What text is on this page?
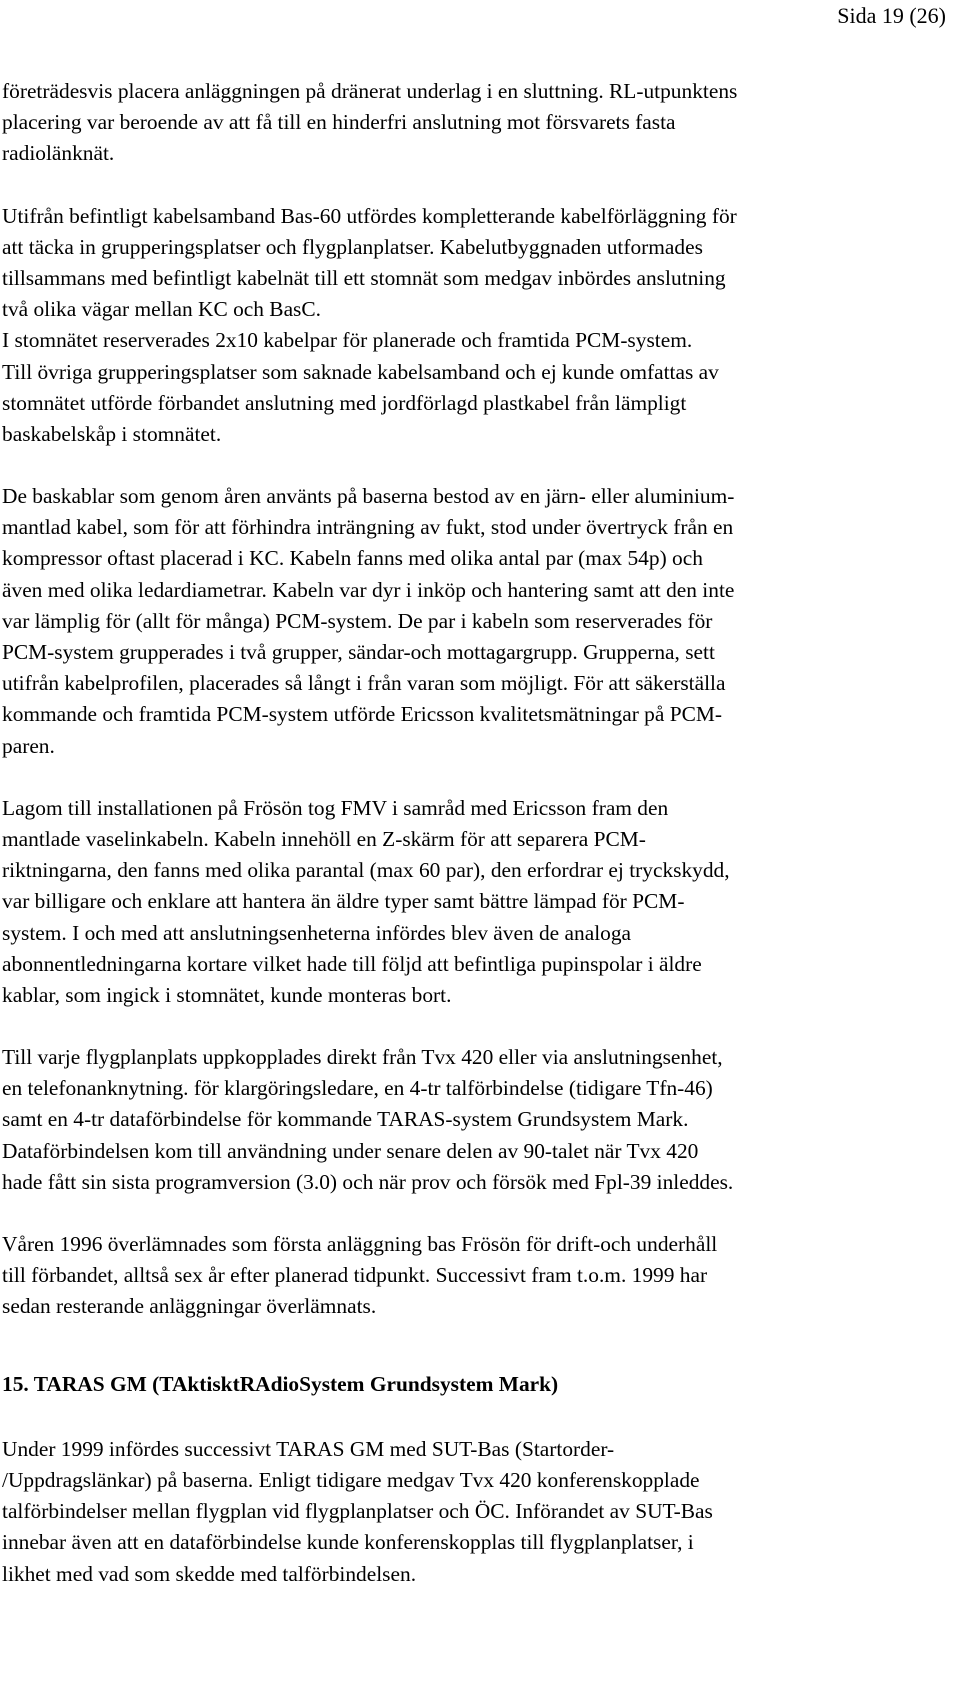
Sida 19 (26)
företrädesvis placera anläggningen på dränerat underlag i en sluttning. RL-utpunktens
placering var beroende av att få till en hinderfri anslutning mot försvarets fasta
radiolänknät.
Utifrån befintligt kabelsamband Bas-60 utfördes kompletterande kabelförläggning för
att täcka in grupperingsplatser och flygplanplatser. Kabelutbyggnaden utformades
tillsammans med befintligt kabelnät till ett stomnät som medgav inbördes anslutning
två olika vägar mellan KC och BasC.
I stomnätet reserverades 2x10 kabelpar för planerade och framtida PCM-system.
Till övriga grupperingsplatser som saknade kabelsamband och ej kunde omfattas av
stomnätet utförde förbandet anslutning med jordförlagd plastkabel från lämpligt
baskabelskåp i stomnätet.
De baskablar som genom åren använts på baserna bestod av en järn- eller aluminium-
mantlad kabel, som för att förhindra inträngning av fukt, stod under övertryck från en
kompressor oftast placerad i KC. Kabeln fanns med olika antal par (max 54p) och
även med olika ledardiametrar. Kabeln var dyr i inköp och hantering samt att den inte
var lämplig för (allt för många) PCM-system. De par i kabeln som reserverades för
PCM-system grupperades i två grupper, sändar-och mottagargrupp. Grupperna, sett
utifrån kabelprofilen, placerades så långt i från varan som möjligt. För att säkerställa
kommande och framtida PCM-system utförde Ericsson kvalitetsmätningar på PCM-
paren.
Lagom till installationen på Frösön tog FMV i samråd med Ericsson fram den
mantlade vaselinkabeln. Kabeln innehöll en Z-skärm för att separera PCM-
riktningarna, den fanns med olika parantal (max 60 par), den erfordrar ej tryckskydd,
var billigare och enklare att hantera än äldre typer samt bättre lämpad för PCM-
system. I och med att anslutningsenheterna infördes blev även de analoga
abonnentledningarna kortare vilket hade till följd att befintliga pupinspolar i äldre
kablar, som ingick i stomnätet, kunde monteras bort.
Till varje flygplanplats uppkopplades direkt från Tvx 420 eller via anslutningsenhet,
en telefonanknytning. för klargöringsledare, en 4-tr talförbindelse (tidigare Tfn-46)
samt en 4-tr dataförbindelse för kommande TARAS-system Grundsystem Mark.
Dataförbindelsen kom till användning under senare delen av 90-talet när Tvx 420
hade fått sin sista programversion (3.0) och när prov och försök med Fpl-39 inleddes.
Våren 1996 överlämnades som första anläggning bas Frösön för drift-och underhåll
till förbandet, alltså sex år efter planerad tidpunkt. Successivt fram t.o.m. 1999 har
sedan resterande anläggningar överlämnats.
15. TARAS GM (TAktisktRAdioSystem Grundsystem Mark)
Under 1999 infördes successivt TARAS GM med SUT-Bas (Startorder-
/Uppdragslänkar) på baserna. Enligt tidigare medgav Tvx 420 konferenskopplade
talförbindelser mellan flygplan vid flygplanplatser och ÖC. Införandet av SUT-Bas
innebar även att en dataförbindelse kunde konferenskopplas till flygplanplatser, i
likhet med vad som skedde med talförbindelsen.
